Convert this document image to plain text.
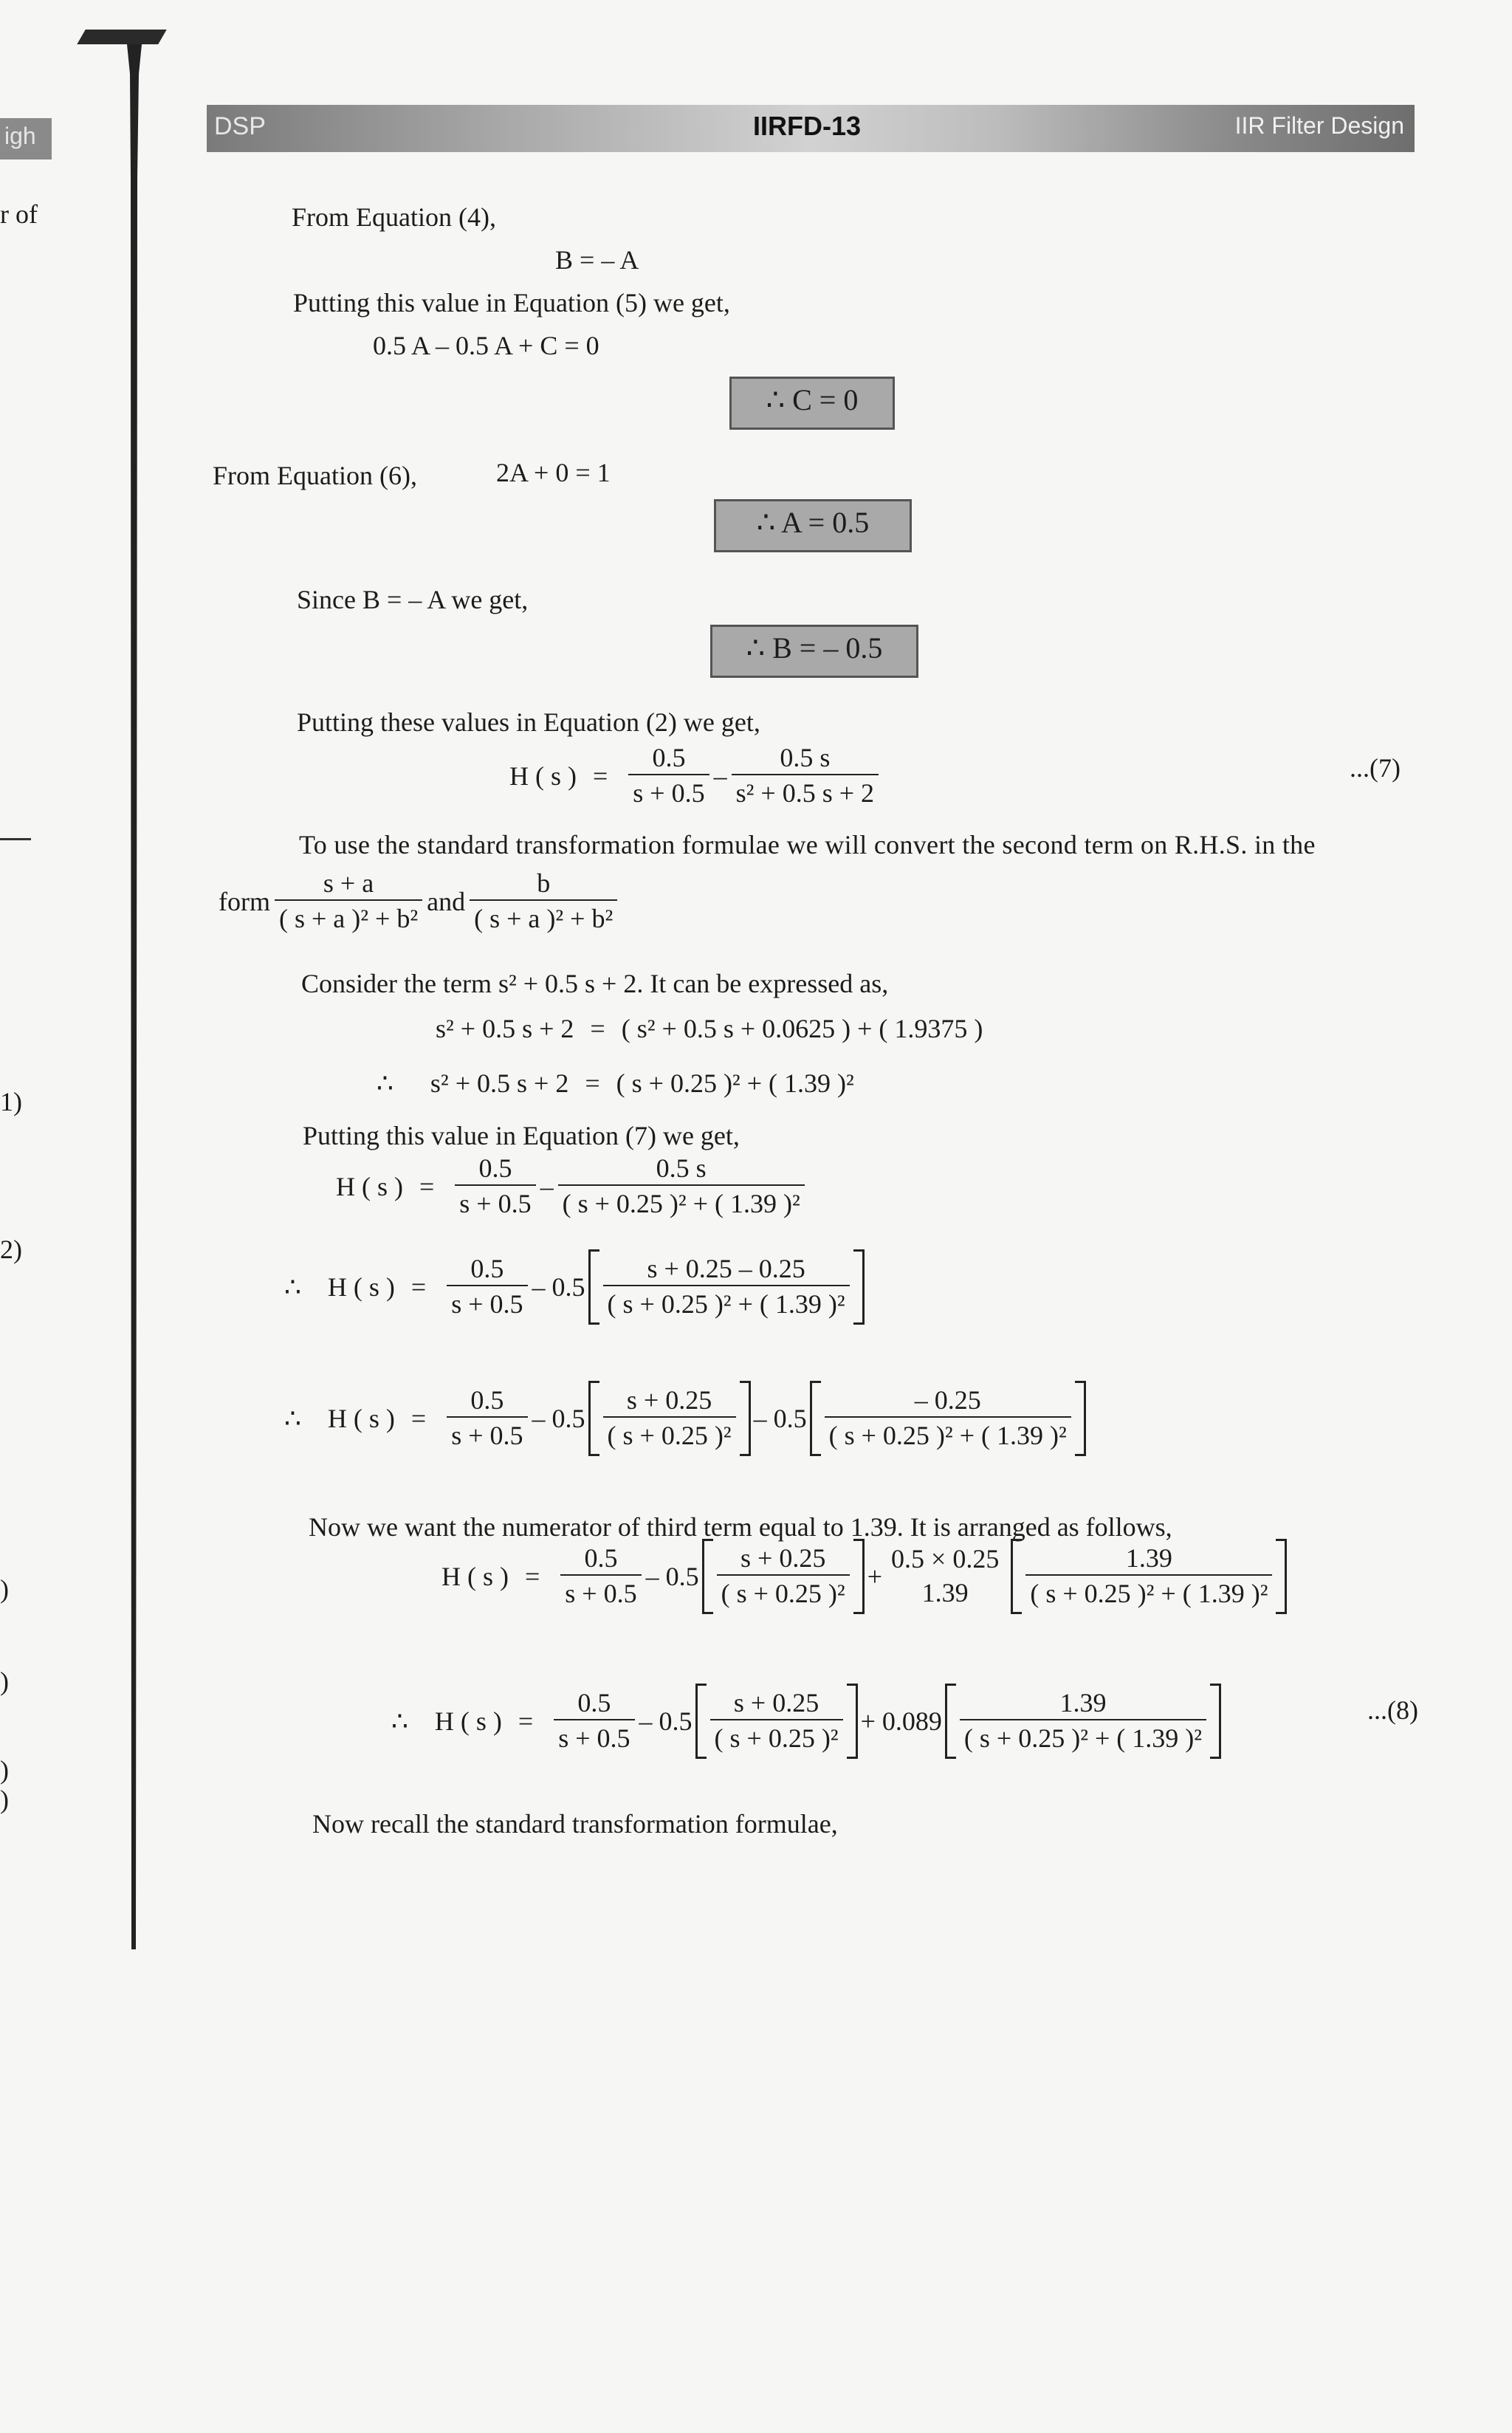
igh
r of
1)
2)
)
)
)
)
DSP	IIRFD-13	IIR Filter Design
From Equation (4),
B = – A
Putting this value in Equation (5) we get,
0.5 A – 0.5 A + C = 0
∴ C = 0
From Equation (6),	2A + 0 = 1
∴ A = 0.5
Since B = – A we get,
∴ B = – 0.5
Putting these values in Equation (2) we get,
H ( s ) = $\frac{0.5}{s + 0.5} - \frac{0.5 s}{\text{s² + 0.5 s + 2}}$	...(7)
To use the standard transformation formulae we will convert the second term on R.H.S. in the
form $\frac{s + a}{\text{( s + a )² + b²}}$ and $\frac{b}{\text{( s + a )² + b²}}$
Consider the term s² + 0.5 s + 2. It can be expressed as,
s² + 0.5 s + 2 = ( s² + 0.5 s + 0.0625 ) + ( 1.9375 )
∴ s² + 0.5 s + 2 = ( s + 0.25 )² + ( 1.39 )²
Putting this value in Equation (7) we get,
H ( s ) = $\frac{0.5}{s + 0.5} - \frac{0.5 s}{\text{( s + 0.25 )² + ( 1.39 )²}}$
∴ H ( s ) = $\frac{0.5}{s + 0.5} - 0.5 \frac{s + 0.25 - 0.25}{\text{( s + 0.25 )² + ( 1.39 )²}}$
∴ H ( s ) = $\frac{0.5}{s + 0.5} - 0.5 \frac{s + 0.25}{\text{( s + 0.25 )²}} - 0.5 \frac{- 0.25}{\text{( s + 0.25 )² + ( 1.39 )²}}$
Now we want the numerator of third term equal to 1.39. It is arranged as follows,
H ( s ) = $\frac{0.5}{s + 0.5} - 0.5 \frac{s + 0.25}{\text{( s + 0.25 )²}}$ +
0.5 × 0.25
$1.39 \frac{1.39}{\text{( s + 0.25 )² + ( 1.39 )²}}$
∴ H ( s ) = $\frac{0.5}{s + 0.5} - 0.5 \frac{s + 0.25}{\text{( s + 0.25 )²}} + 0.089 \frac{1.39}{\text{( s + 0.25 )² + ( 1.39 )²}}$	...(8)
Now recall the standard transformation formulae,
